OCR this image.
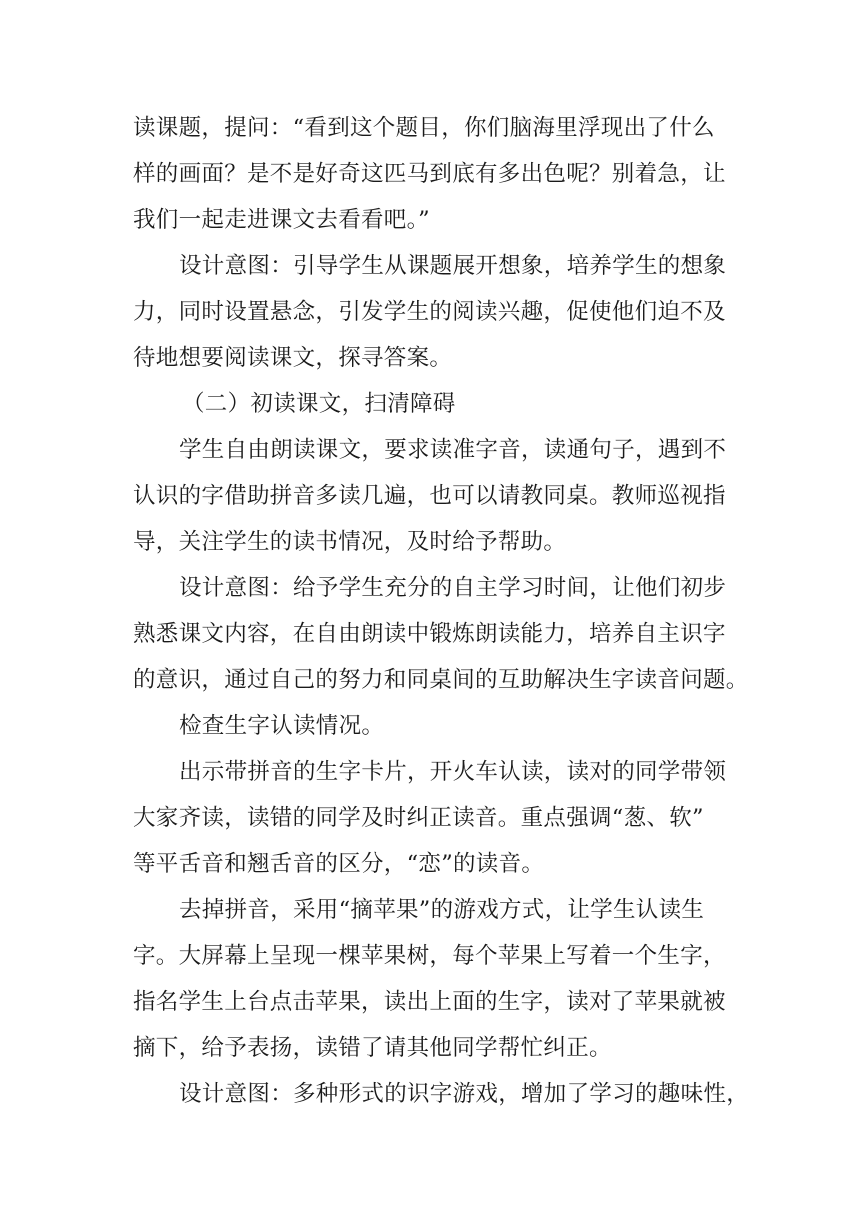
读课题，提问：“看到这个题目，你们脑海里浮现出了什么
样的画面？是不是好奇这匹马到底有多出色呢？别着急，让
我们一起走进课文去看看吧。”
设计意图：引导学生从课题展开想象，培养学生的想象
力，同时设置悬念，引发学生的阅读兴趣，促使他们迫不及
待地想要阅读课文，探寻答案。
（二）初读课文，扫清障碍
学生自由朗读课文，要求读准字音，读通句子，遇到不
认识的字借助拼音多读几遍，也可以请教同桌。教师巡视指
导，关注学生的读书情况，及时给予帮助。
设计意图：给予学生充分的自主学习时间，让他们初步
熟悉课文内容，在自由朗读中锻炼朗读能力，培养自主识字
的意识，通过自己的努力和同桌间的互助解决生字读音问题。
检查生字认读情况。
出示带拼音的生字卡片，开火车认读，读对的同学带领
大家齐读，读错的同学及时纠正读音。重点强调“葱、软”
等平舌音和翘舌音的区分，“恋”的读音。
去掉拼音，采用“摘苹果”的游戏方式，让学生认读生
字。大屏幕上呈现一棵苹果树，每个苹果上写着一个生字，
指名学生上台点击苹果，读出上面的生字，读对了苹果就被
摘下，给予表扬，读错了请其他同学帮忙纠正。
设计意图：多种形式的识字游戏，增加了学习的趣味性，
